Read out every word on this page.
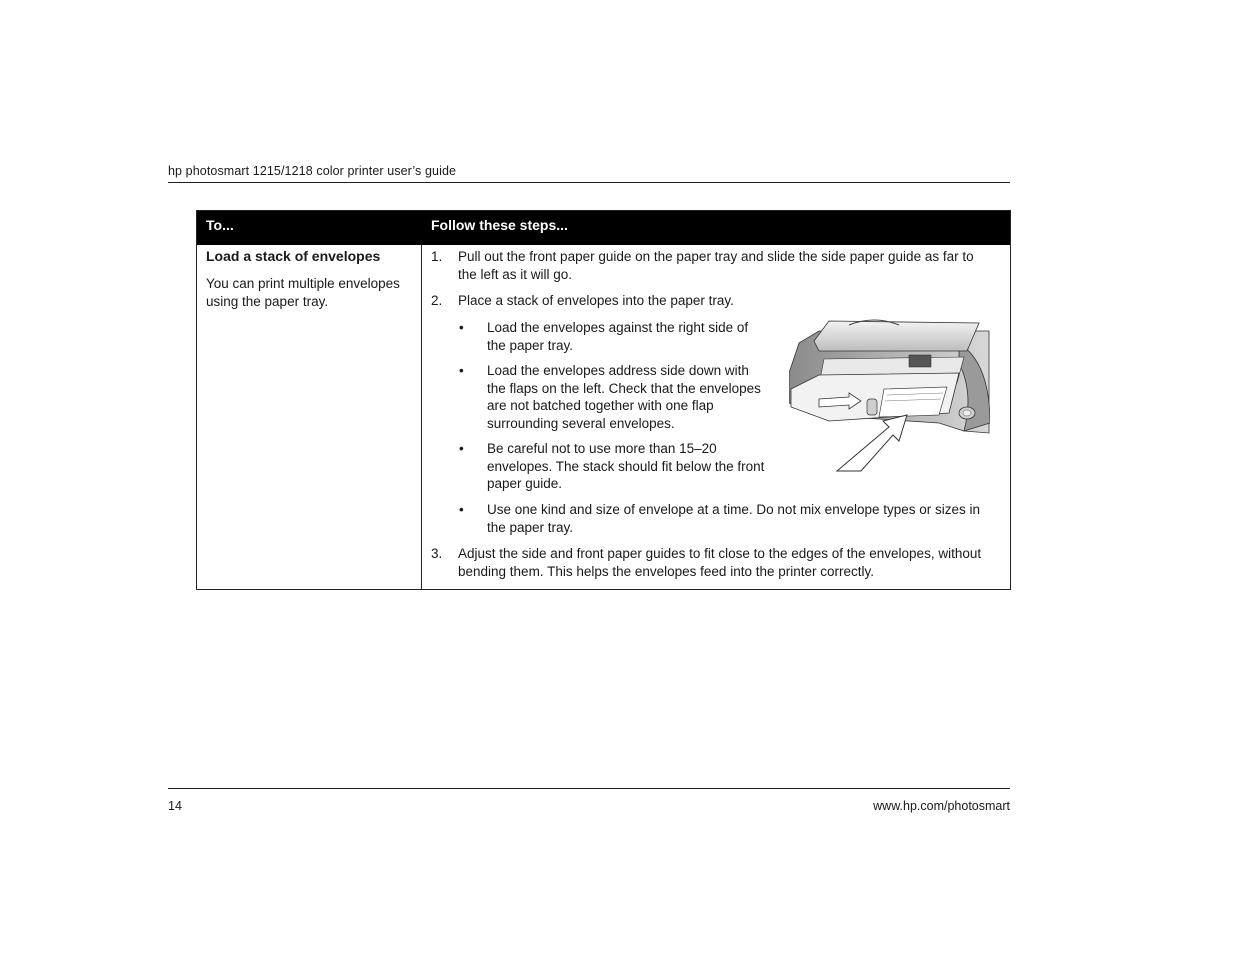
hp photosmart 1215/1218 color printer user’s guide
To...	Follow these steps...
Load a stack of envelopes
You can print multiple envelopes using the paper tray.
1. Pull out the front paper guide on the paper tray and slide the side paper guide as far to
the left as it will go.
2. Place a stack of envelopes into the paper tray.
• Load the envelopes against the right side of
the paper tray.
• Load the envelopes address side down with
the flaps on the left. Check that the envelopes
are not batched together with one flap
surrounding several envelopes.
• Be careful not to use more than 15–20
envelopes. The stack should fit below the front
paper guide.
• Use one kind and size of envelope at a time. Do not mix envelope types or sizes in
the paper tray.
3. Adjust the side and front paper guides to fit close to the edges of the envelopes, without
bending them. This helps the envelopes feed into the printer correctly.
14	www.hp.com/photosmart
